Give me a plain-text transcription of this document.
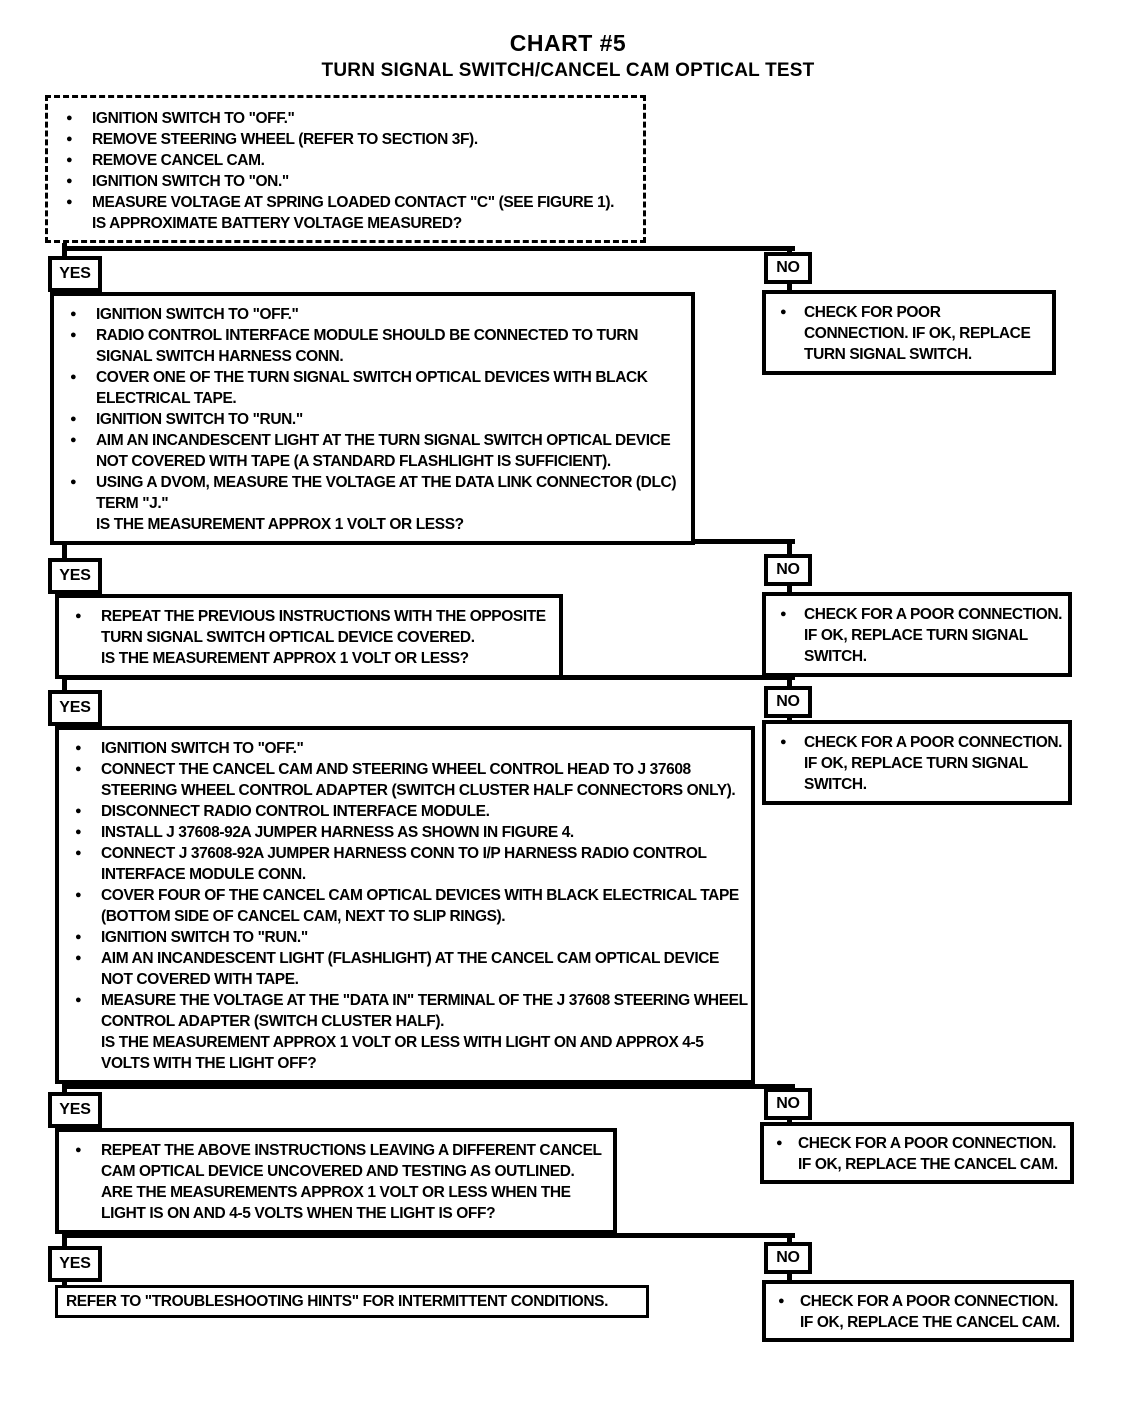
CHART #5
TURN SIGNAL SWITCH/CANCEL CAM OPTICAL TEST
●	IGNITION SWITCH TO "OFF."
●	REMOVE STEERING WHEEL (REFER TO SECTION 3F).
●	REMOVE CANCEL CAM.
●	IGNITION SWITCH TO "ON."
●	MEASURE VOLTAGE AT SPRING LOADED CONTACT "C" (SEE FIGURE 1).
IS APPROXIMATE BATTERY VOLTAGE MEASURED?
YES	NO
●	IGNITION SWITCH TO "OFF."
●	RADIO CONTROL INTERFACE MODULE SHOULD BE CONNECTED TO TURN SIGNAL SWITCH HARNESS CONN.
●	COVER ONE OF THE TURN SIGNAL SWITCH OPTICAL DEVICES WITH BLACK ELECTRICAL TAPE.
●	IGNITION SWITCH TO "RUN."
●	AIM AN INCANDESCENT LIGHT AT THE TURN SIGNAL SWITCH OPTICAL DEVICE NOT COVERED WITH TAPE (A STANDARD FLASHLIGHT IS SUFFICIENT).
●	USING A DVOM, MEASURE THE VOLTAGE AT THE DATA LINK CONNECTOR (DLC) TERM "J."
IS THE MEASUREMENT APPROX 1 VOLT OR LESS?
●	CHECK FOR POOR CONNECTION. IF OK, REPLACE TURN SIGNAL SWITCH.
YES	NO
●	REPEAT THE PREVIOUS INSTRUCTIONS WITH THE OPPOSITE TURN SIGNAL SWITCH OPTICAL DEVICE COVERED.
IS THE MEASUREMENT APPROX 1 VOLT OR LESS?
●	CHECK FOR A POOR CONNECTION. IF OK, REPLACE TURN SIGNAL SWITCH.
YES	NO
●	IGNITION SWITCH TO "OFF."
●	CONNECT THE CANCEL CAM AND STEERING WHEEL CONTROL HEAD TO J 37608 STEERING WHEEL CONTROL ADAPTER (SWITCH CLUSTER HALF CONNECTORS ONLY).
●	DISCONNECT RADIO CONTROL INTERFACE MODULE.
●	INSTALL J 37608-92A JUMPER HARNESS AS SHOWN IN FIGURE 4.
●	CONNECT J 37608-92A JUMPER HARNESS CONN TO I/P HARNESS RADIO CONTROL INTERFACE MODULE CONN.
●	COVER FOUR OF THE CANCEL CAM OPTICAL DEVICES WITH BLACK ELECTRICAL TAPE (BOTTOM SIDE OF CANCEL CAM, NEXT TO SLIP RINGS).
●	IGNITION SWITCH TO "RUN."
●	AIM AN INCANDESCENT LIGHT (FLASHLIGHT) AT THE CANCEL CAM OPTICAL DEVICE NOT COVERED WITH TAPE.
●	MEASURE THE VOLTAGE AT THE "DATA IN" TERMINAL OF THE J 37608 STEERING WHEEL CONTROL ADAPTER (SWITCH CLUSTER HALF).
IS THE MEASUREMENT APPROX 1 VOLT OR LESS WITH LIGHT ON AND APPROX 4-5 VOLTS WITH THE LIGHT OFF?
●	CHECK FOR A POOR CONNECTION. IF OK, REPLACE TURN SIGNAL SWITCH.
YES	NO
●	REPEAT THE ABOVE INSTRUCTIONS LEAVING A DIFFERENT CANCEL CAM OPTICAL DEVICE UNCOVERED AND TESTING AS OUTLINED.
ARE THE MEASUREMENTS APPROX 1 VOLT OR LESS WHEN THE LIGHT IS ON AND 4-5 VOLTS WHEN THE LIGHT IS OFF?
●	CHECK FOR A POOR CONNECTION. IF OK, REPLACE THE CANCEL CAM.
YES	NO
REFER TO "TROUBLESHOOTING HINTS" FOR INTERMITTENT CONDITIONS.	●	CHECK FOR A POOR CONNECTION. IF OK, REPLACE THE CANCEL CAM.
